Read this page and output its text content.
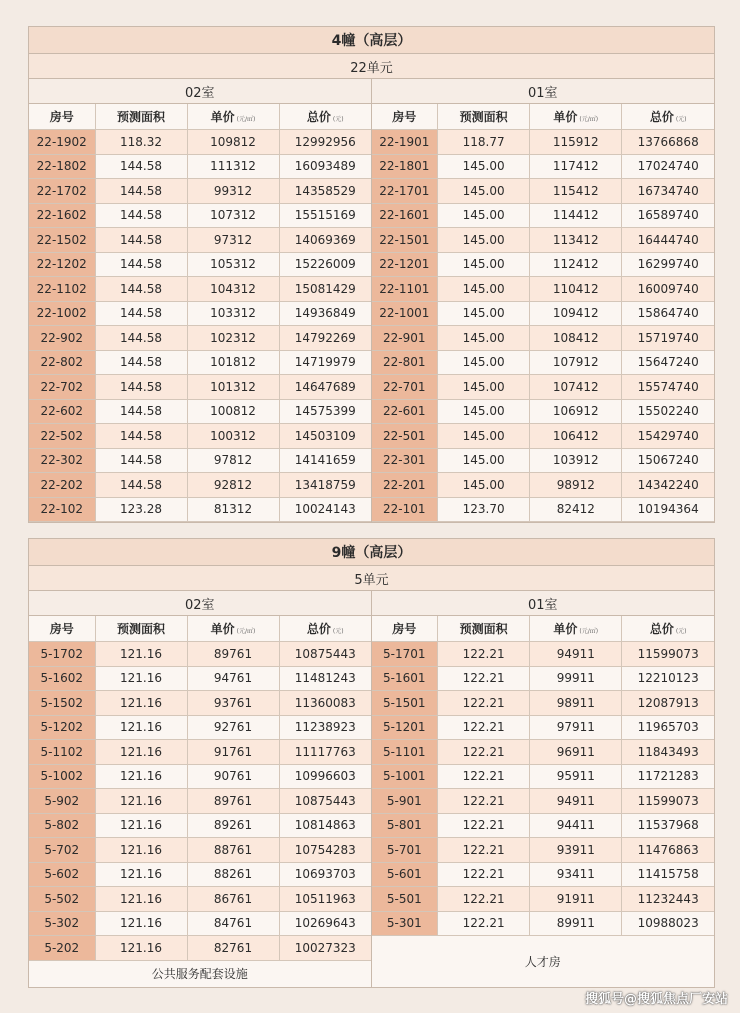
4幢（高层）
22单元
02室
房号	预测面积	单价 (元/㎡)	总价 (元)
22-1902	118.32	109812	12992956
22-1802	144.58	111312	16093489
22-1702	144.58	99312	14358529
22-1602	144.58	107312	15515169
22-1502	144.58	97312	14069369
22-1202	144.58	105312	15226009
22-1102	144.58	104312	15081429
22-1002	144.58	103312	14936849
22-902	144.58	102312	14792269
22-802	144.58	101812	14719979
22-702	144.58	101312	14647689
22-602	144.58	100812	14575399
22-502	144.58	100312	14503109
22-302	144.58	97812	14141659
22-202	144.58	92812	13418759
22-102	123.28	81312	10024143
01室
房号	预测面积	单价 (元/㎡)	总价 (元)
22-1901	118.77	115912	13766868
22-1801	145.00	117412	17024740
22-1701	145.00	115412	16734740
22-1601	145.00	114412	16589740
22-1501	145.00	113412	16444740
22-1201	145.00	112412	16299740
22-1101	145.00	110412	16009740
22-1001	145.00	109412	15864740
22-901	145.00	108412	15719740
22-801	145.00	107912	15647240
22-701	145.00	107412	15574740
22-601	145.00	106912	15502240
22-501	145.00	106412	15429740
22-301	145.00	103912	15067240
22-201	145.00	98912	14342240
22-101	123.70	82412	10194364
9幢（高层）
5单元
02室
房号	预测面积	单价 (元/㎡)	总价 (元)
5-1702	121.16	89761	10875443
5-1602	121.16	94761	11481243
5-1502	121.16	93761	11360083
5-1202	121.16	92761	11238923
5-1102	121.16	91761	11117763
5-1002	121.16	90761	10996603
5-902	121.16	89761	10875443
5-802	121.16	89261	10814863
5-702	121.16	88761	10754283
5-602	121.16	88261	10693703
5-502	121.16	86761	10511963
5-302	121.16	84761	10269643
5-202	121.16	82761	10027323
公共服务配套设施
01室
房号	预测面积	单价 (元/㎡)	总价 (元)
5-1701	122.21	94911	11599073
5-1601	122.21	99911	12210123
5-1501	122.21	98911	12087913
5-1201	122.21	97911	11965703
5-1101	122.21	96911	11843493
5-1001	122.21	95911	11721283
5-901	122.21	94911	11599073
5-801	122.21	94411	11537968
5-701	122.21	93911	11476863
5-601	122.21	93411	11415758
5-501	122.21	91911	11232443
5-301	122.21	89911	10988023
人才房
搜狐号@搜狐焦点厂安站
